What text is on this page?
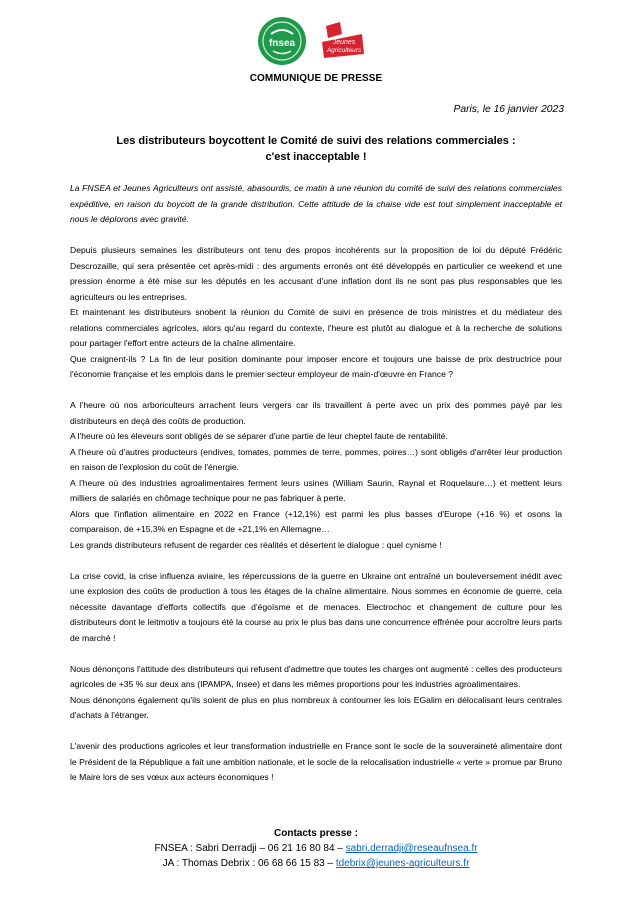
fnsea	Jeunes
Agriculteurs
COMMUNIQUE DE PRESSE
Paris, le 16 janvier 2023
Les distributeurs boycottent le Comité de suivi des relations commerciales :
c'est inacceptable !

La FNSEA et Jeunes Agriculteurs ont assisté, abasourdis, ce matin à une réunion du comité de suivi des relations commerciales expéditive, en raison du boycott de la grande distribution. Cette attitude de la chaise vide est tout simplement inacceptable et nous le déplorons avec gravité.

Depuis plusieurs semaines les distributeurs ont tenu des propos incohérents sur la proposition de loi du député Frédéric Descrozaille, qui sera présentée cet après-midi : des arguments erronés ont été développés en particulier ce weekend et une pression énorme a été mise sur les députés en les accusant d'une inflation dont ils ne sont pas plus responsables que les agriculteurs ou les entreprises.
Et maintenant les distributeurs snobent la réunion du Comité de suivi en présence de trois ministres et du médiateur des relations commerciales agricoles, alors qu'au regard du contexte, l'heure est plutôt au dialogue et à la recherche de solutions pour partager l'effort entre acteurs de la chaîne alimentaire.
Que craignent-ils ? La fin de leur position dominante pour imposer encore et toujours une baisse de prix destructrice pour l'économie française et les emplois dans le premier secteur employeur de main-d'œuvre en France ?

A l'heure où nos arboriculteurs arrachent leurs vergers car ils travaillent à perte avec un prix des pommes payé par les distributeurs en deçà des coûts de production.
A l'heure où les éleveurs sont obligés de se séparer d'une partie de leur cheptel faute de rentabilité.
A l'heure où d'autres producteurs (endives, tomates, pommes de terre, pommes, poires…) sont obligés d'arrêter leur production en raison de l'explosion du coût de l'énergie.
A l'heure où des industries agroalimentaires ferment leurs usines (William Saurin, Raynal et Roquelaure…) et mettent leurs milliers de salariés en chômage technique pour ne pas fabriquer à perte.
Alors que l'inflation alimentaire en 2022 en France (+12,1%) est parmi les plus basses d'Europe (+16 %) et osons la comparaison, de +15,3% en Espagne et de +21,1% en Allemagne…
Les grands distributeurs refusent de regarder ces réalités et désertent le dialogue : quel cynisme !

La crise covid, la crise influenza aviaire, les répercussions de la guerre en Ukraine ont entraîné un bouleversement inédit avec une explosion des coûts de production à tous les étages de la chaîne alimentaire. Nous sommes en économie de guerre, cela nécessite davantage d'efforts collectifs que d'égoïsme et de menaces. Electrochoc et changement de culture pour les distributeurs dont le leitmotiv a toujours été la course au prix le plus bas dans une concurrence effrénée pour accroître leurs parts de marché !

Nous dénonçons l'attitude des distributeurs qui refusent d'admettre que toutes les charges ont augmenté : celles des producteurs agricoles de +35 % sur deux ans (IPAMPA, Insee) et dans les mêmes proportions pour les industries agroalimentaires.
Nous dénonçons également qu'ils soient de plus en plus nombreux à contourner les lois EGalim en délocalisant leurs centrales d'achats à l'étranger.

L'avenir des productions agricoles et leur transformation industrielle en France sont le socle de la souveraineté alimentaire dont le Président de la République a fait une ambition nationale, et le socle de la relocalisation industrielle « verte » promue par Bruno le Maire lors de ses vœux aux acteurs économiques !

Contacts presse :
FNSEA : Sabri Derradji – 06 21 16 80 84 – sabri.derradji@reseaufnsea.fr
JA : Thomas Debrix : 06 68 66 15 83 – tdebrix@jeunes-agriculteurs.fr
